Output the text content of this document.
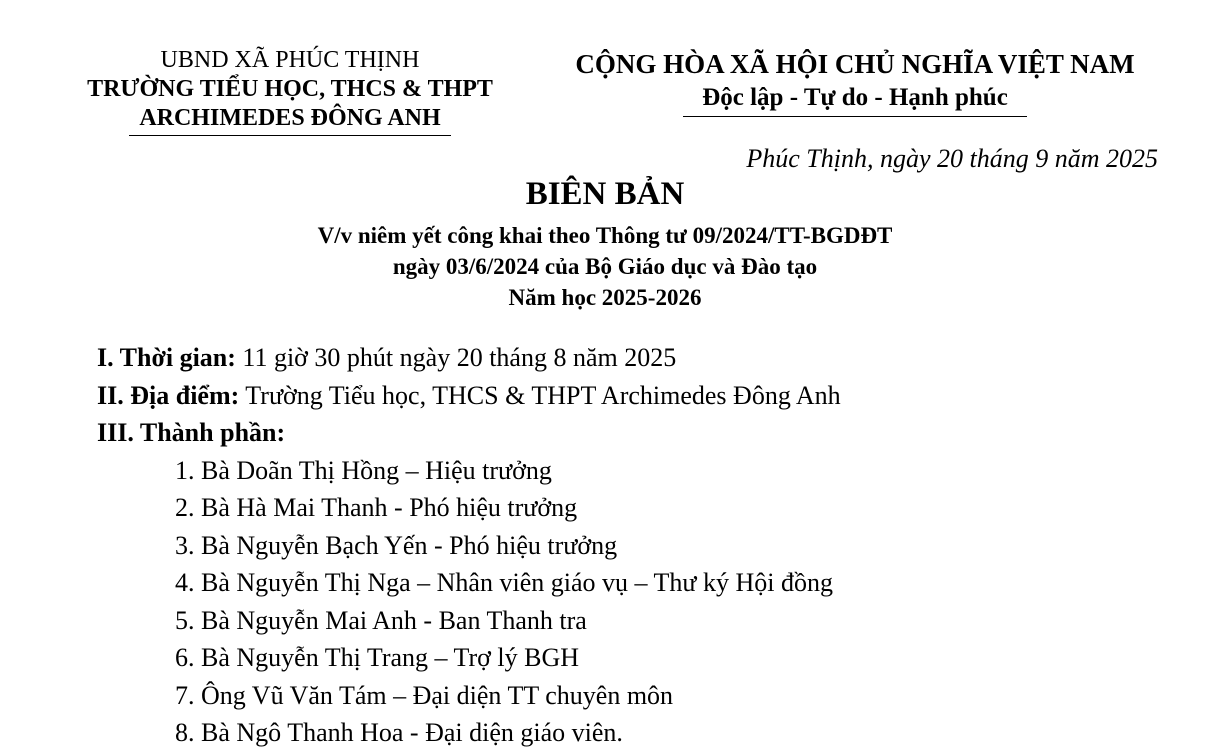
UBND XÃ PHÚC THỊNH
TRƯỜNG TIỂU HỌC, THCS & THPT
ARCHIMEDES ĐÔNG ANH
CỘNG HÒA XÃ HỘI CHỦ NGHĨA VIỆT NAM
Độc lập - Tự do - Hạnh phúc
Phúc Thịnh, ngày 20 tháng 9 năm 2025
BIÊN BẢN
V/v niêm yết công khai theo Thông tư 09/2024/TT-BGDĐT
ngày 03/6/2024 của Bộ Giáo dục và Đào tạo
Năm học 2025-2026
I. Thời gian: 11 giờ 30 phút ngày 20 tháng 8 năm 2025
II. Địa điểm: Trường Tiểu học, THCS & THPT Archimedes Đông Anh
III. Thành phần:
1. Bà Doãn Thị Hồng – Hiệu trưởng
2. Bà Hà Mai Thanh - Phó hiệu trưởng
3. Bà Nguyễn Bạch Yến - Phó hiệu trưởng
4. Bà Nguyễn Thị Nga – Nhân viên giáo vụ – Thư ký Hội đồng
5. Bà Nguyễn Mai Anh - Ban Thanh tra
6. Bà Nguyễn Thị Trang – Trợ lý BGH
7. Ông Vũ Văn Tám – Đại diện TT chuyên môn
8. Bà Ngô Thanh Hoa - Đại diện giáo viên.
